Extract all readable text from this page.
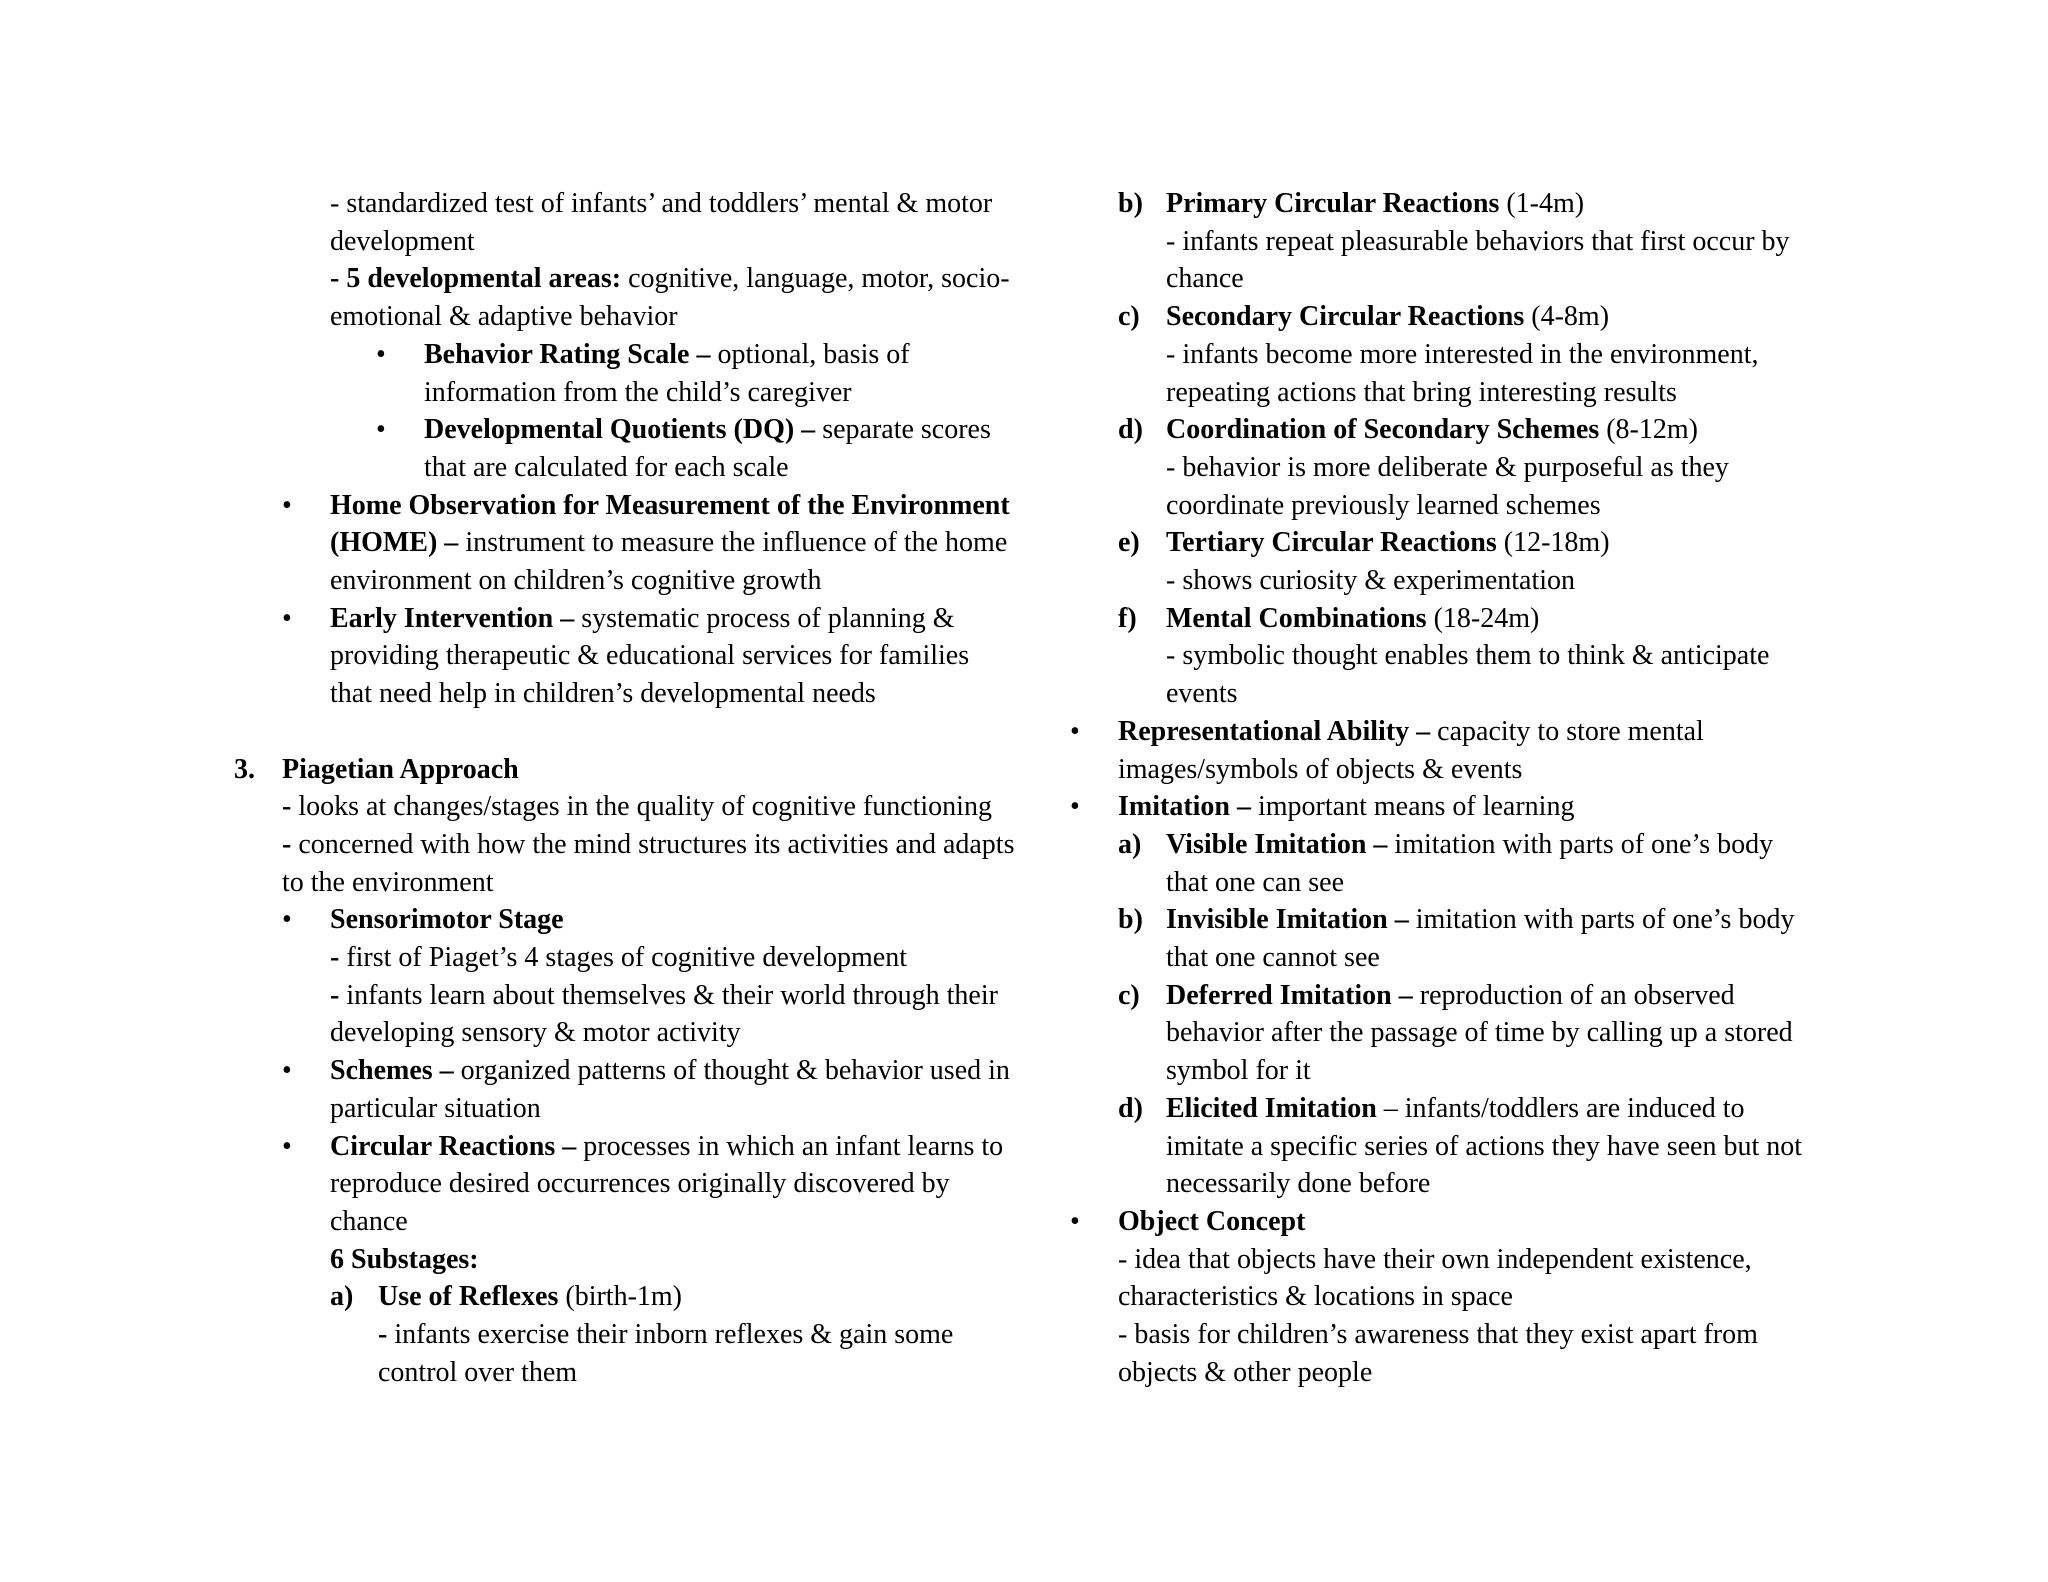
- standardized test of infants’ and toddlers’ mental & motor
development
- 5 developmental areas: cognitive, language, motor, socio-
emotional & adaptive behavior
• Behavior Rating Scale – optional, basis of
information from the child’s caregiver
• Developmental Quotients (DQ) – separate scores
that are calculated for each scale
• Home Observation for Measurement of the Environment
(HOME) – instrument to measure the influence of the home
environment on children’s cognitive growth
• Early Intervention – systematic process of planning &
providing therapeutic & educational services for families
that need help in children’s developmental needs
3. Piagetian Approach
- looks at changes/stages in the quality of cognitive functioning
- concerned with how the mind structures its activities and adapts
to the environment
• Sensorimotor Stage
- first of Piaget’s 4 stages of cognitive development
- infants learn about themselves & their world through their
developing sensory & motor activity
• Schemes – organized patterns of thought & behavior used in
particular situation
• Circular Reactions – processes in which an infant learns to
reproduce desired occurrences originally discovered by
chance
6 Substages:
a) Use of Reflexes (birth-1m)
- infants exercise their inborn reflexes & gain some
control over them
b) Primary Circular Reactions (1-4m)
- infants repeat pleasurable behaviors that first occur by
chance
c) Secondary Circular Reactions (4-8m)
- infants become more interested in the environment,
repeating actions that bring interesting results
d) Coordination of Secondary Schemes (8-12m)
- behavior is more deliberate & purposeful as they
coordinate previously learned schemes
e) Tertiary Circular Reactions (12-18m)
- shows curiosity & experimentation
f) Mental Combinations (18-24m)
- symbolic thought enables them to think & anticipate
events
• Representational Ability – capacity to store mental
images/symbols of objects & events
• Imitation – important means of learning
a) Visible Imitation – imitation with parts of one’s body
that one can see
b) Invisible Imitation – imitation with parts of one’s body
that one cannot see
c) Deferred Imitation – reproduction of an observed
behavior after the passage of time by calling up a stored
symbol for it
d) Elicited Imitation – infants/toddlers are induced to
imitate a specific series of actions they have seen but not
necessarily done before
• Object Concept
- idea that objects have their own independent existence,
characteristics & locations in space
- basis for children’s awareness that they exist apart from
objects & other people
